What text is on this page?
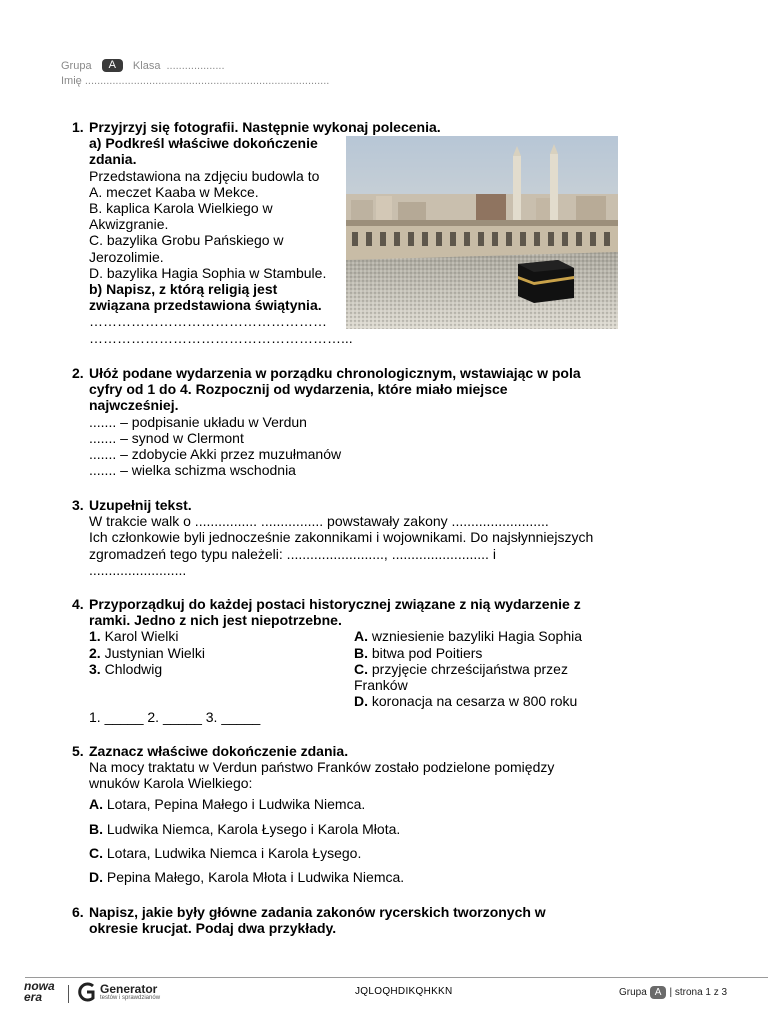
Grupa	A	Klasa ...................
Imię ................................................................................
1. Przyjrzyj się fotografii. Następnie wykonaj polecenia.
a) Podkreśl właściwe dokończenie
zdania.
Przedstawiona na zdjęciu budowla to
A. meczet Kaaba w Mekce.
B. kaplica Karola Wielkiego w
Akwizgranie.
C. bazylika Grobu Pańskiego w
Jerozolimie.
D. bazylika Hagia Sophia w Stambule.
b) Napisz, z którą religią jest
związana przedstawiona świątynia.
……………………………………………
………………………………………………...
2. Ułóż podane wydarzenia w porządku chronologicznym, wstawiając w pola
cyfry od 1 do 4. Rozpocznij od wydarzenia, które miało miejsce
najwcześniej.
....... – podpisanie układu w Verdun
....... – synod w Clermont
....... – zdobycie Akki przez muzułmanów
....... – wielka schizma wschodnia
3. Uzupełnij tekst.
W trakcie walk o ................ ................ powstawały zakony .........................
Ich członkowie byli jednocześnie zakonnikami i wojownikami. Do najsłynniejszych
zgromadzeń tego typu należeli: ........................., ......................... i
.........................
4. Przyporządkuj do każdej postaci historycznej związane z nią wydarzenie z
ramki. Jedno z nich jest niepotrzebne.
1. Karol Wielki
2. Justynian Wielki
3. Chlodwig
1. _____ 2. _____ 3. _____
A. wzniesienie bazyliki Hagia Sophia
B. bitwa pod Poitiers
C. przyjęcie chrześcijaństwa przez
Franków
D. koronacja na cesarza w 800 roku
5. Zaznacz właściwe dokończenie zdania.
Na mocy traktatu w Verdun państwo Franków zostało podzielone pomiędzy
wnuków Karola Wielkiego:
A. Lotara, Pepina Małego i Ludwika Niemca.
B. Ludwika Niemca, Karola Łysego i Karola Młota.
C. Lotara, Ludwika Niemca i Karola Łysego.
D. Pepina Małego, Karola Młota i Ludwika Niemca.
6. Napisz, jakie były główne zadania zakonów rycerskich tworzonych w
okresie krucjat. Podaj dwa przykłady.
nowa
era
Generator
testów i sprawdzianów
JQLOQHDIKQHKKN	Grupa A | strona 1 z 3
